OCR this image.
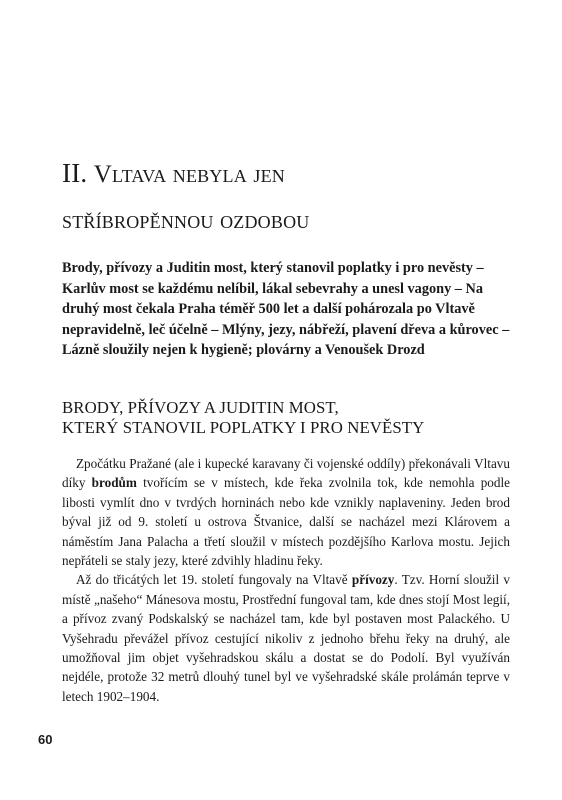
II. Vltava nebyla jen
stříbropěnnou ozdobou

Brody, přívozy a Juditin most, který stanovil poplatky i pro nevěsty – Karlův most se každému nelíbil, lákal sebevrahy a unesl vagony – Na druhý most čekala Praha téměř 500 let a další pohározala po Vltavě nepravidelně, leč účelně – Mlýny, jezy, nábřeží, plavení dřeva a kůrovec – Lázně sloužily nejen k hygieně; plovárny a Venoušek Drozd

BRODY, PŘÍVOZY A JUDITIN MOST,
KTERÝ STANOVIL POPLATKY I PRO NEVĚSTY

Zpočátku Pražané (ale i kupecké karavany či vojenské oddíly) překonávali Vltavu díky brodům tvořícím se v místech, kde řeka zvolnila tok, kde nemohla podle libosti vymlít dno v tvrdých horninách nebo kde vznikly naplaveniny. Jeden brod býval již od 9. století u ostrova Štvanice, další se nacházel mezi Klárovem a náměstím Jana Palacha a třetí sloužil v místech pozdějšího Karlova mostu. Jejich nepřáteli se staly jezy, které zdvihly hladinu řeky.

Až do třicátých let 19. století fungovaly na Vltavě přívozy. Tzv. Horní sloužil v místě „našeho“ Mánesova mostu, Prostřední fungoval tam, kde dnes stojí Most legií, a přívoz zvaný Podskalský se nacházel tam, kde byl postaven most Palackého. U Vyšehradu převážel přívoz cestující nikoliv z jednoho břehu řeky na druhý, ale umožňoval jim objet vyšehradskou skálu a dostat se do Podolí. Byl využíván nejdéle, protože 32 metrů dlouhý tunel byl ve vyšehradské skále prolámán teprve v letech 1902–1904.

60
